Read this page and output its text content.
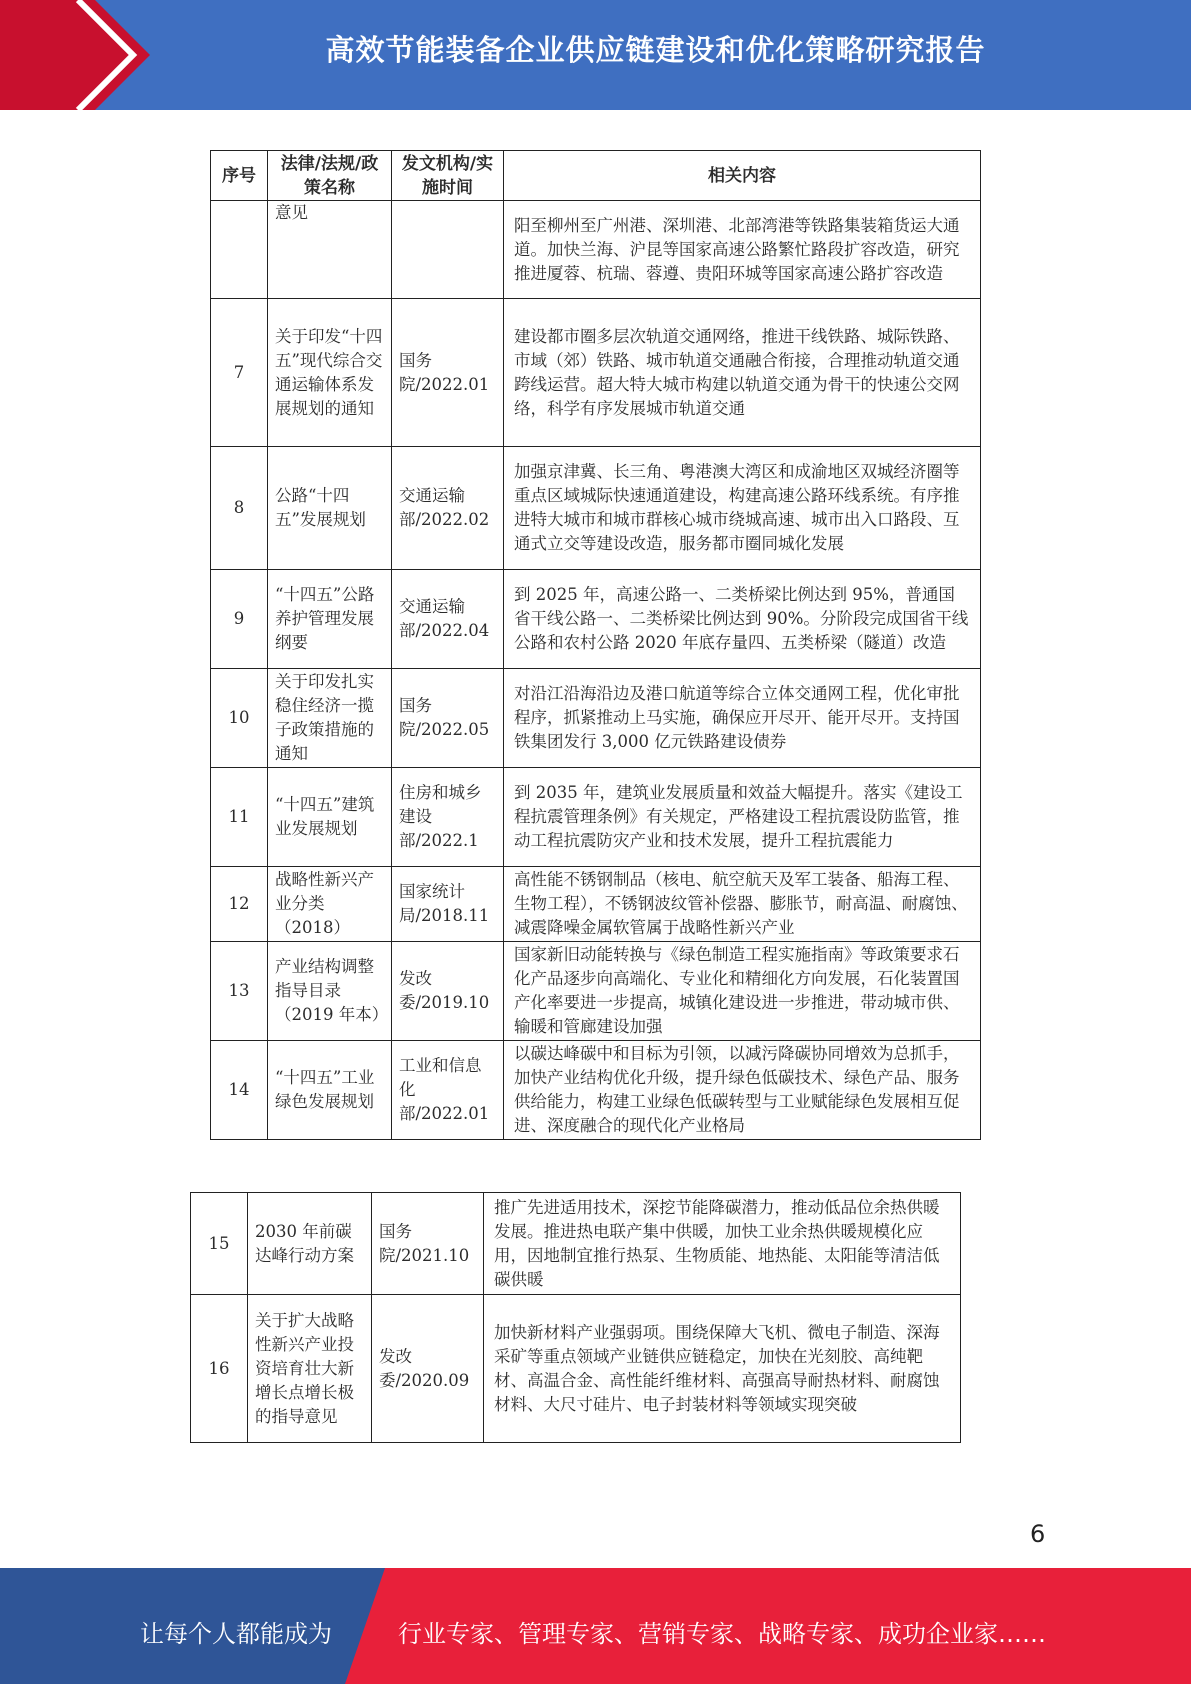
高效节能装备企业供应链建设和优化策略研究报告
序号	法律/法规/政策名称	发文机构/实施时间	相关内容
	意见		阳至柳州至广州港、深圳港、北部湾港等铁路集装箱货运大通道。加快兰海、沪昆等国家高速公路繁忙路段扩容改造，研究推进厦蓉、杭瑞、蓉遵、贵阳环城等国家高速公路扩容改造
7	关于印发“十四五”现代综合交通运输体系发展规划的通知	国务院/2022.01	建设都市圈多层次轨道交通网络，推进干线铁路、城际铁路、市域（郊）铁路、城市轨道交通融合衔接，合理推动轨道交通跨线运营。超大特大城市构建以轨道交通为骨干的快速公交网络，科学有序发展城市轨道交通
8	公路“十四五”发展规划	交通运输部/2022.02	加强京津冀、长三角、粤港澳大湾区和成渝地区双城经济圈等重点区域城际快速通道建设，构建高速公路环线系统。有序推进特大城市和城市群核心城市绕城高速、城市出入口路段、互通式立交等建设改造，服务都市圈同城化发展
9	“十四五”公路养护管理发展纲要	交通运输部/2022.04	到 2025 年，高速公路一、二类桥梁比例达到 95%，普通国省干线公路一、二类桥梁比例达到 90%。分阶段完成国省干线公路和农村公路 2020 年底存量四、五类桥梁（隧道）改造
10	关于印发扎实稳住经济一揽子政策措施的通知	国务院/2022.05	对沿江沿海沿边及港口航道等综合立体交通网工程，优化审批程序，抓紧推动上马实施，确保应开尽开、能开尽开。支持国铁集团发行 3,000 亿元铁路建设债券
11	“十四五”建筑业发展规划	住房和城乡建设部/2022.1	到 2035 年，建筑业发展质量和效益大幅提升。落实《建设工程抗震管理条例》有关规定，严格建设工程抗震设防监管，推动工程抗震防灾产业和技术发展，提升工程抗震能力
12	战略性新兴产业分类（2018）	国家统计局/2018.11	高性能不锈钢制品（核电、航空航天及军工装备、船海工程、生物工程），不锈钢波纹管补偿器、膨胀节，耐高温、耐腐蚀、减震降噪金属软管属于战略性新兴产业
13	产业结构调整指导目录（2019 年本）	发改委/2019.10	国家新旧动能转换与《绿色制造工程实施指南》等政策要求石化产品逐步向高端化、专业化和精细化方向发展，石化装置国产化率要进一步提高，城镇化建设进一步推进，带动城市供、输暖和管廊建设加强
14	“十四五”工业绿色发展规划	工业和信息化部/2022.01	以碳达峰碳中和目标为引领，以减污降碳协同增效为总抓手，加快产业结构优化升级，提升绿色低碳技术、绿色产品、服务供给能力，构建工业绿色低碳转型与工业赋能绿色发展相互促进、深度融合的现代化产业格局
15	2030 年前碳达峰行动方案	国务院/2021.10	推广先进适用技术，深挖节能降碳潜力，推动低品位余热供暖发展。推进热电联产集中供暖，加快工业余热供暖规模化应用，因地制宜推行热泵、生物质能、地热能、太阳能等清洁低碳供暖
16	关于扩大战略性新兴产业投资培育壮大新增长点增长极的指导意见	发改委/2020.09	加快新材料产业强弱项。围绕保障大飞机、微电子制造、深海采矿等重点领域产业链供应链稳定，加快在光刻胶、高纯靶材、高温合金、高性能纤维材料、高强高导耐热材料、耐腐蚀材料、大尺寸硅片、电子封装材料等领域实现突破
6
让每个人都能成为	行业专家、管理专家、营销专家、战略专家、成功企业家……
